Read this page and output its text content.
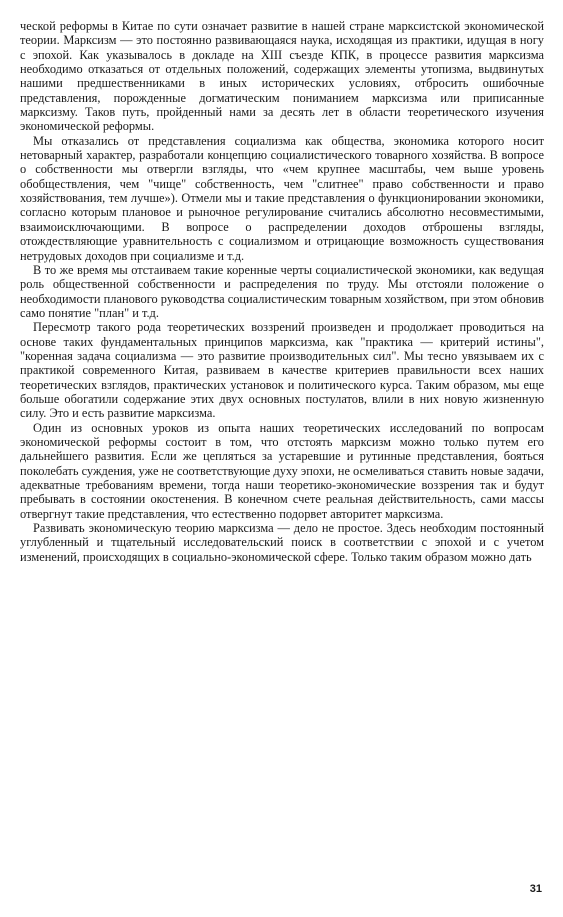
ческой реформы в Китае по сути означает развитие в нашей стране марксистской экономической теории. Марксизм — это постоянно развивающаяся наука, исходящая из практики, идущая в ногу с эпохой. Как указывалось в докладе на XIII съезде КПК, в процессе развития марксизма необходимо отказаться от отдельных положений, содержащих элементы утопизма, выдвинутых нашими предшественниками в иных исторических условиях, отбросить ошибочные представления, порожденные догматическим пониманием марксизма или приписанные марксизму. Таков путь, пройденный нами за десять лет в области теоретического изучения экономической реформы.

Мы отказались от представления социализма как общества, экономика которого носит нетоварный характер, разработали концепцию социалистического товарного хозяйства. В вопросе о собственности мы отвергли взгляды, что «чем крупнее масштабы, чем выше уровень обобществления, чем "чище" собственность, чем "слитнее" право собственности и право хозяйствования, тем лучше»). Отмели мы и такие представления о функционировании экономики, согласно которым плановое и рыночное регулирование считались абсолютно несовместимыми, взаимоисключающими. В вопросе о распределении доходов отброшены взгляды, отождествляющие уравнительность с социализмом и отрицающие возможность существования нетрудовых доходов при социализме и т.д.

В то же время мы отстаиваем такие коренные черты социалистической экономики, как ведущая роль общественной собственности и распределения по труду. Мы отстояли положение о необходимости планового руководства социалистическим товарным хозяйством, при этом обновив само понятие "план" и т.д.

Пересмотр такого рода теоретических воззрений произведен и продолжает проводиться на основе таких фундаментальных принципов марксизма, как "практика — критерий истины", "коренная задача социализма — это развитие производительных сил". Мы тесно увязываем их с практикой современного Китая, развиваем в качестве критериев правильности всех наших теоретических взглядов, практических установок и политического курса. Таким образом, мы еще больше обогатили содержание этих двух основных постулатов, влили в них новую жизненную силу. Это и есть развитие марксизма.

Один из основных уроков из опыта наших теоретических исследований по вопросам экономической реформы состоит в том, что отстоять марксизм можно только путем его дальнейшего развития. Если же цепляться за устаревшие и рутинные представления, бояться поколебать суждения, уже не соответствующие духу эпохи, не осмеливаться ставить новые задачи, адекватные требованиям времени, тогда наши теоретико-экономические воззрения так и будут пребывать в состоянии окостенения. В конечном счете реальная действительность, сами массы отвергнут такие представления, что естественно подорвет авторитет марксизма.

Развивать экономическую теорию марксизма — дело не простое. Здесь необходим постоянный углубленный и тщательный исследовательский поиск в соответствии с эпохой и с учетом изменений, происходящих в социально-экономической сфере. Только таким образом можно дать

31
